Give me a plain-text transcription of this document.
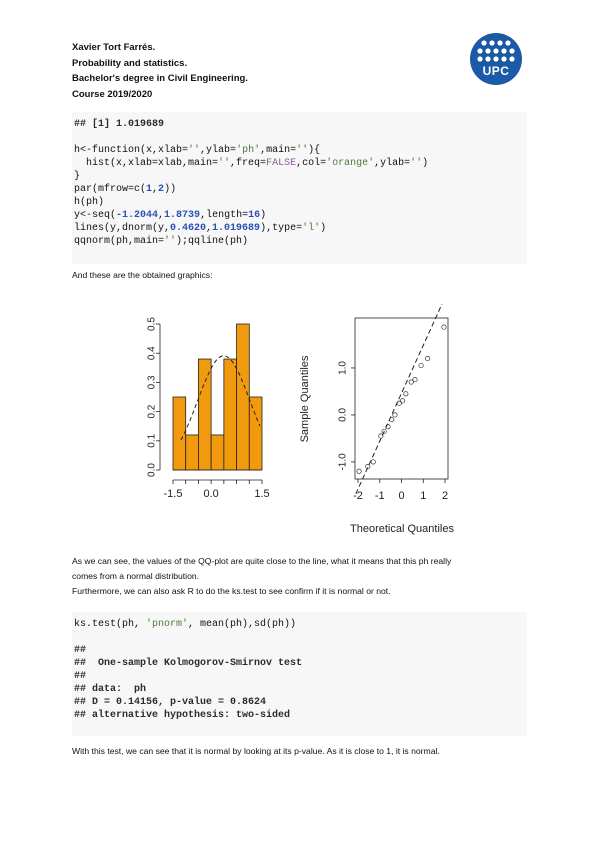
Xavier Tort Farrés.
Probability and statistics.
Bachelor's degree in Civil Engineering.
Course 2019/2020
UPC
## [1] 1.019689

h<-function(x,xlab='',ylab='ph',main=''){
hist(x,xlab=xlab,main='',freq=FALSE,col='orange',ylab='')
}
par(mfrow=c(1,2))
h(ph)
y<-seq(-1.2044,1.8739,length=16)
lines(y,dnorm(y,0.4620,1.019689),type='l')
qqnorm(ph,main='');qqline(ph)
And these are the obtained graphics:
0.0
0.1
0.2
0.3
0.4
0.5
-1.5 0.0	1.5	-2 -1 0 1 2
-1.0
0.0
1.0
Sample Quantiles
Theoretical Quantiles
As we can see, the values of the QQ-plot are quite close to the line, what it means that this ph really
comes from a normal distribution.
Furthermore, we can also ask R to do the ks.test to see confirm if it is normal or not.
ks.test(ph, 'pnorm', mean(ph),sd(ph))

##
##  One-sample Kolmogorov-Smirnov test
##
## data:  ph
## D = 0.14156, p-value = 0.8624
## alternative hypothesis: two-sided
With this test, we can see that it is normal by looking at its p-value. As it is close to 1, it is normal.
